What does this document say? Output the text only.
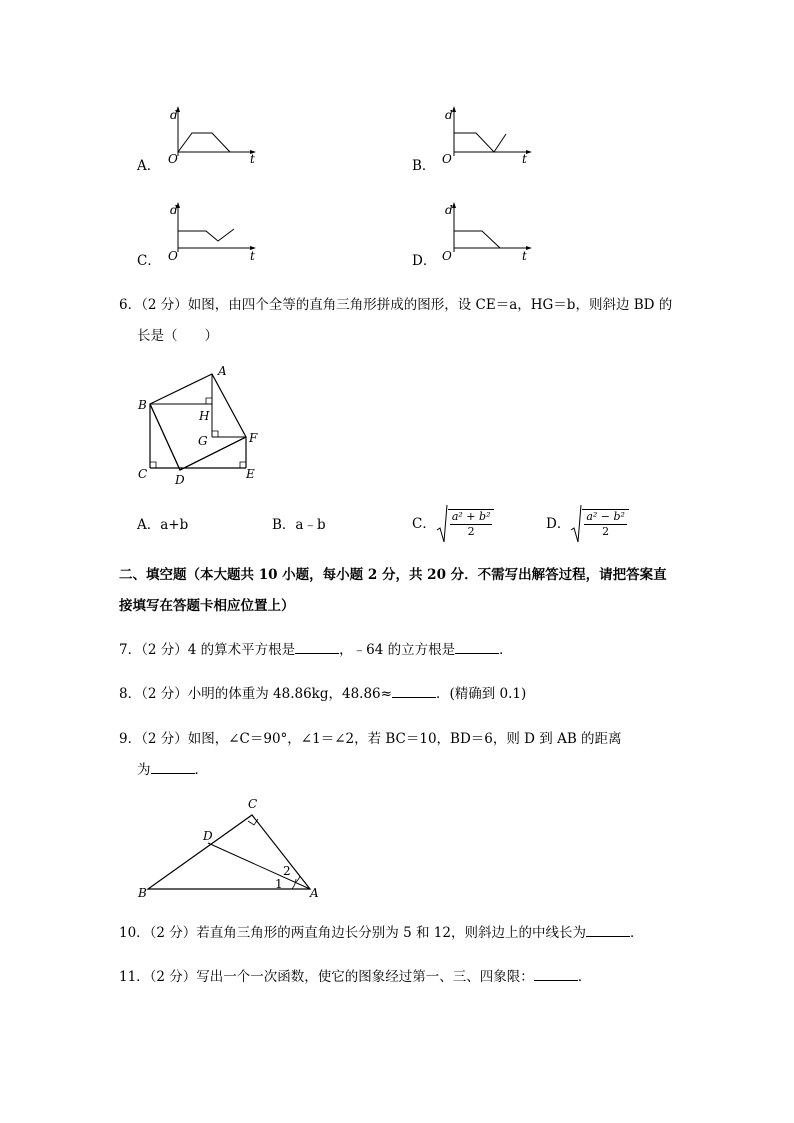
A．
d
t
O	B．
d
t
O
C．
d
t
O	D．
d
t
O
6．（2 分）如图，由四个全等的直角三角形拼成的图形，设 CE＝a，HG＝b，则斜边 BD 的
长是（　　）
A
B
H
G	F
C D	E
A．a+b	B．a﹣b	C． $\frac{\text{a² + b²}}{2}$	D． $\frac{\text{a² − b²}}{2}$
二、填空题（本大题共 10 小题，每小题 2 分，共 20 分．不需写出解答过程，请把答案直
接填写在答题卡相应位置上）
7．（2 分）4 的算术平方根是	，﹣64 的立方根是	．
8．（2 分）小明的体重为 48.86kg，48.86≈	．(精确到 0.1)
9．（2 分）如图，∠C＝90°，∠1＝∠2，若 BC＝10，BD＝6，则 D 到 AB 的距离
为	．
C
D
2
1
B	A
10．（2 分）若直角三角形的两直角边长分别为 5 和 12，则斜边上的中线长为	．
11．（2 分）写出一个一次函数，使它的图象经过第一、三、四象限：	．
